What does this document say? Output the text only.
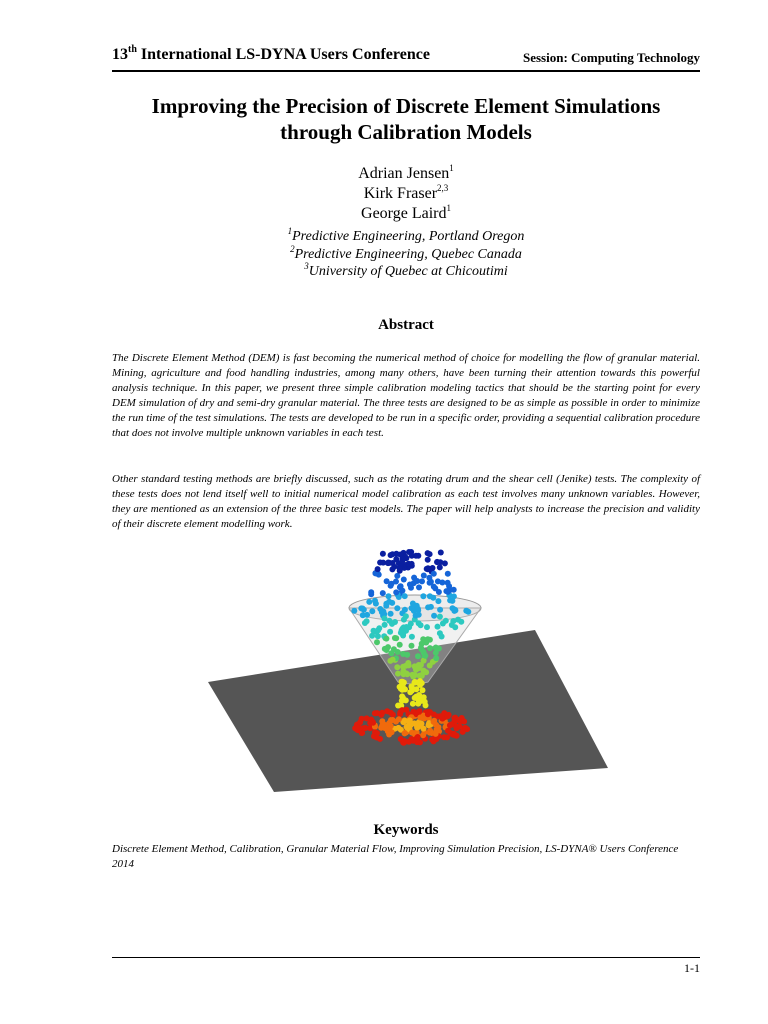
13th International LS-DYNA Users Conference	Session: Computing Technology
Improving the Precision of Discrete Element Simulations
through Calibration Models
Adrian Jensen$^1$
Kirk Fraser$^{2,3}$
George Laird$^1$
$^1$Predictive Engineering, Portland Oregon
$^2$Predictive Engineering, Quebec Canada
$^3$University of Quebec at Chicoutimi
Abstract
The Discrete Element Method (DEM) is fast becoming the numerical method of choice for modelling the flow of granular material. Mining, agriculture and food handling industries, among many others, have been turning their attention towards this powerful analysis technique. In this paper, we present three simple calibration modeling tactics that should be the starting point for every DEM simulation of dry and semi-dry granular material. The three tests are designed to be as simple as possible in order to minimize the run time of the test simulations. The tests are developed to be run in a specific order, providing a sequential calibration procedure that does not involve multiple unknown variables in each test.
Other standard testing methods are briefly discussed, such as the rotating drum and the shear cell (Jenike) tests. The complexity of these tests does not lend itself well to initial numerical model calibration as each test involves many unknown variables. However, they are mentioned as an extension of the three basic test models. The paper will help analysts to increase the precision and validity of their discrete element modelling work.
Keywords
Discrete Element Method, Calibration, Granular Material Flow, Improving Simulation Precision, LS-DYNA® Users Conference 2014
1-1
